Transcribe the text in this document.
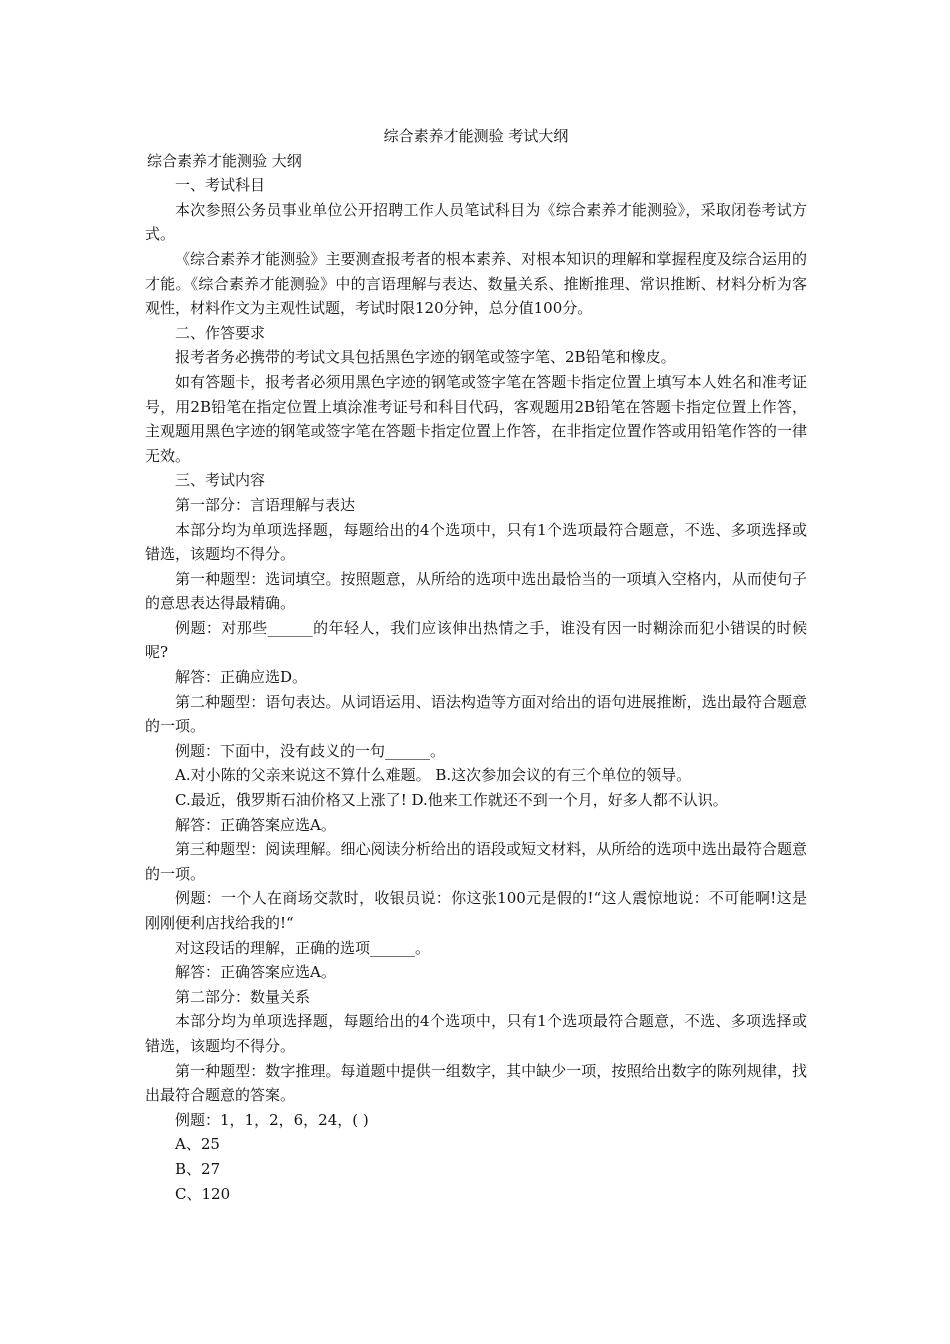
综合素养才能测验 考试大纲
综合素养才能测验 大纲

一、考试科目

本次参照公务员事业单位公开招聘工作人员笔试科目为《综合素养才能测验》，采取闭卷考试方式。

《综合素养才能测验》主要测查报考者的根本素养、对根本知识的理解和掌握程度及综合运用的才能。《综合素养才能测验》中的言语理解与表达、数量关系、推断推理、常识推断、材料分析为客观性，材料作文为主观性试题，考试时限120分钟，总分值100分。

二、作答要求

报考者务必携带的考试文具包括黑色字迹的钢笔或签字笔、2B铅笔和橡皮。

如有答题卡，报考者必须用黑色字迹的钢笔或签字笔在答题卡指定位置上填写本人姓名和准考证号，用2B铅笔在指定位置上填涂准考证号和科目代码，客观题用2B铅笔在答题卡指定位置上作答，主观题用黑色字迹的钢笔或签字笔在答题卡指定位置上作答，在非指定位置作答或用铅笔作答的一律无效。

三、考试内容

第一部分：言语理解与表达

本部分均为单项选择题，每题给出的4个选项中，只有1个选项最符合题意，不选、多项选择或错选，该题均不得分。

第一种题型：选词填空。按照题意，从所给的选项中选出最恰当的一项填入空格内，从而使句子的意思表达得最精确。

例题：对那些______的年轻人，我们应该伸出热情之手，谁没有因一时糊涂而犯小错误的时候呢?

解答：正确应选D。

第二种题型：语句表达。从词语运用、语法构造等方面对给出的语句进展推断，选出最符合题意的一项。

例题：下面中，没有歧义的一句______。

A.对小陈的父亲来说这不算什么难题。 B.这次参加会议的有三个单位的领导。

C.最近，俄罗斯石油价格又上涨了! D.他来工作就还不到一个月，好多人都不认识。

解答：正确答案应选A。

第三种题型：阅读理解。细心阅读分析给出的语段或短文材料，从所给的选项中选出最符合题意的一项。

例题：一个人在商场交款时，收银员说：你这张100元是假的!“这人震惊地说：不可能啊!这是刚刚便利店找给我的!“

对这段话的理解，正确的选项______。

解答：正确答案应选A。

第二部分：数量关系

本部分均为单项选择题，每题给出的4个选项中，只有1个选项最符合题意，不选、多项选择或错选，该题均不得分。

第一种题型：数字推理。每道题中提供一组数字，其中缺少一项，按照给出数字的陈列规律，找出最符合题意的答案。

例题：1，1，2，6，24，( )

A、25

B、27

C、120
